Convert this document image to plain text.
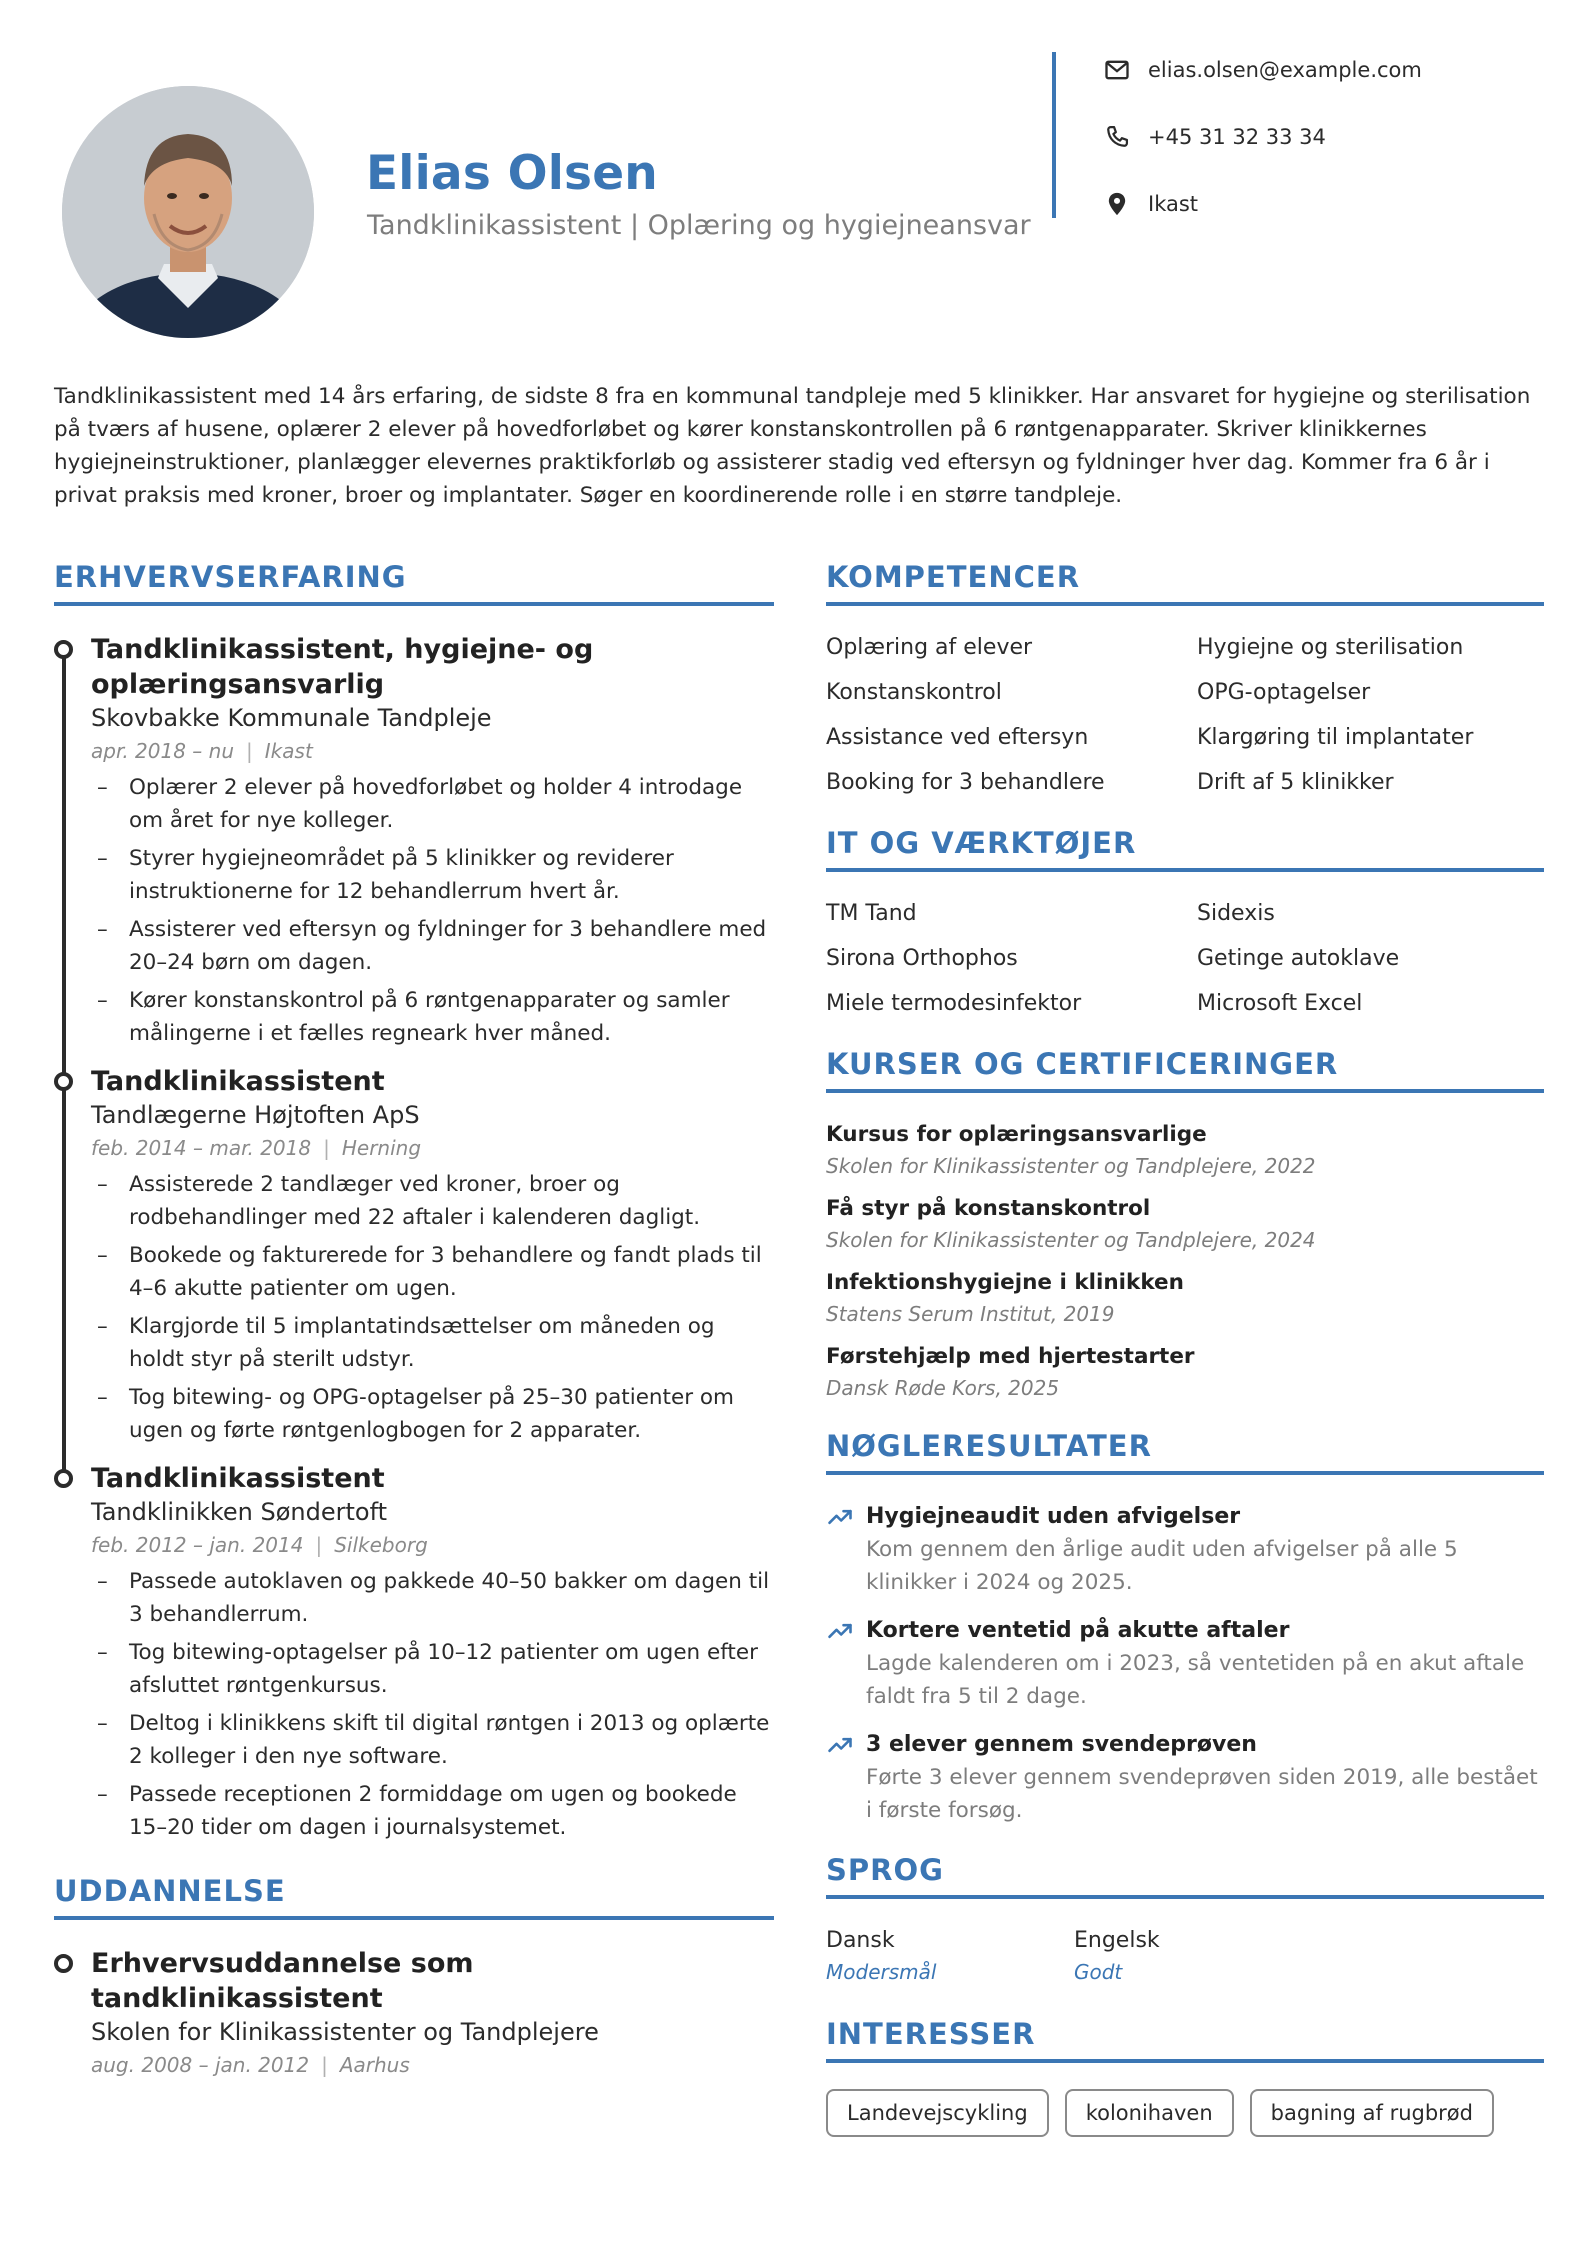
Elias Olsen
Tandklinikassistent | Oplæring og hygiejneansvar
elias.olsen@example.com
+45 31 32 33 34
Ikast
Tandklinikassistent med 14 års erfaring, de sidste 8 fra en kommunal tandpleje med 5 klinikker. Har ansvaret for hygiejne og sterilisation på tværs af husene, oplærer 2 elever på hovedforløbet og kører konstanskontrollen på 6 røntgenapparater. Skriver klinikkernes hygiejneinstruktioner, planlægger elevernes praktikforløb og assisterer stadig ved eftersyn og fyldninger hver dag. Kommer fra 6 år i privat praksis med kroner, broer og implantater. Søger en koordinerende rolle i en større tandpleje.
ERHVERVSERFARING
Tandklinikassistent, hygiejne- og oplæringsansvarlig
Skovbakke Kommunale Tandpleje
apr. 2018 – nu | Ikast
– Oplærer 2 elever på hovedforløbet og holder 4 introdage om året for nye kolleger.
– Styrer hygiejneområdet på 5 klinikker og reviderer instruktionerne for 12 behandlerrum hvert år.
– Assisterer ved eftersyn og fyldninger for 3 behandlere med 20–24 børn om dagen.
– Kører konstanskontrol på 6 røntgenapparater og samler målingerne i et fælles regneark hver måned.
Tandklinikassistent
Tandlægerne Højtoften ApS
feb. 2014 – mar. 2018 | Herning
– Assisterede 2 tandlæger ved kroner, broer og rodbehandlinger med 22 aftaler i kalenderen dagligt.
– Bookede og fakturerede for 3 behandlere og fandt plads til 4–6 akutte patienter om ugen.
– Klargjorde til 5 implantatindsættelser om måneden og holdt styr på sterilt udstyr.
– Tog bitewing- og OPG-optagelser på 25–30 patienter om ugen og førte røntgenlogbogen for 2 apparater.
Tandklinikassistent
Tandklinikken Søndertoft
feb. 2012 – jan. 2014 | Silkeborg
– Passede autoklaven og pakkede 40–50 bakker om dagen til 3 behandlerrum.
– Tog bitewing-optagelser på 10–12 patienter om ugen efter afsluttet røntgenkursus.
– Deltog i klinikkens skift til digital røntgen i 2013 og oplærte 2 kolleger i den nye software.
– Passede receptionen 2 formiddage om ugen og bookede 15–20 tider om dagen i journalsystemet.
UDDANNELSE
Erhvervsuddannelse som tandklinikassistent
Skolen for Klinikassistenter og Tandplejere
aug. 2008 – jan. 2012 | Aarhus
KOMPETENCER
Oplæring af elever	Hygiejne og sterilisation
Konstanskontrol	OPG-optagelser
Assistance ved eftersyn	Klargøring til implantater
Booking for 3 behandlere	Drift af 5 klinikker
IT OG VÆRKTØJER
TM Tand	Sidexis
Sirona Orthophos	Getinge autoklave
Miele termodesinfektor	Microsoft Excel
KURSER OG CERTIFICERINGER
Kursus for oplæringsansvarlige
Skolen for Klinikassistenter og Tandplejere, 2022
Få styr på konstanskontrol
Skolen for Klinikassistenter og Tandplejere, 2024
Infektionshygiejne i klinikken
Statens Serum Institut, 2019
Førstehjælp med hjertestarter
Dansk Røde Kors, 2025
NØGLERESULTATER
Hygiejneaudit uden afvigelser
Kom gennem den årlige audit uden afvigelser på alle 5 klinikker i 2024 og 2025.
Kortere ventetid på akutte aftaler
Lagde kalenderen om i 2023, så ventetiden på en akut aftale faldt fra 5 til 2 dage.
3 elever gennem svendeprøven
Førte 3 elever gennem svendeprøven siden 2019, alle bestået i første forsøg.
SPROG
Dansk
Modersmål
Engelsk
Godt
INTERESSER
Landevejscykling	kolonihaven	bagning af rugbrød
